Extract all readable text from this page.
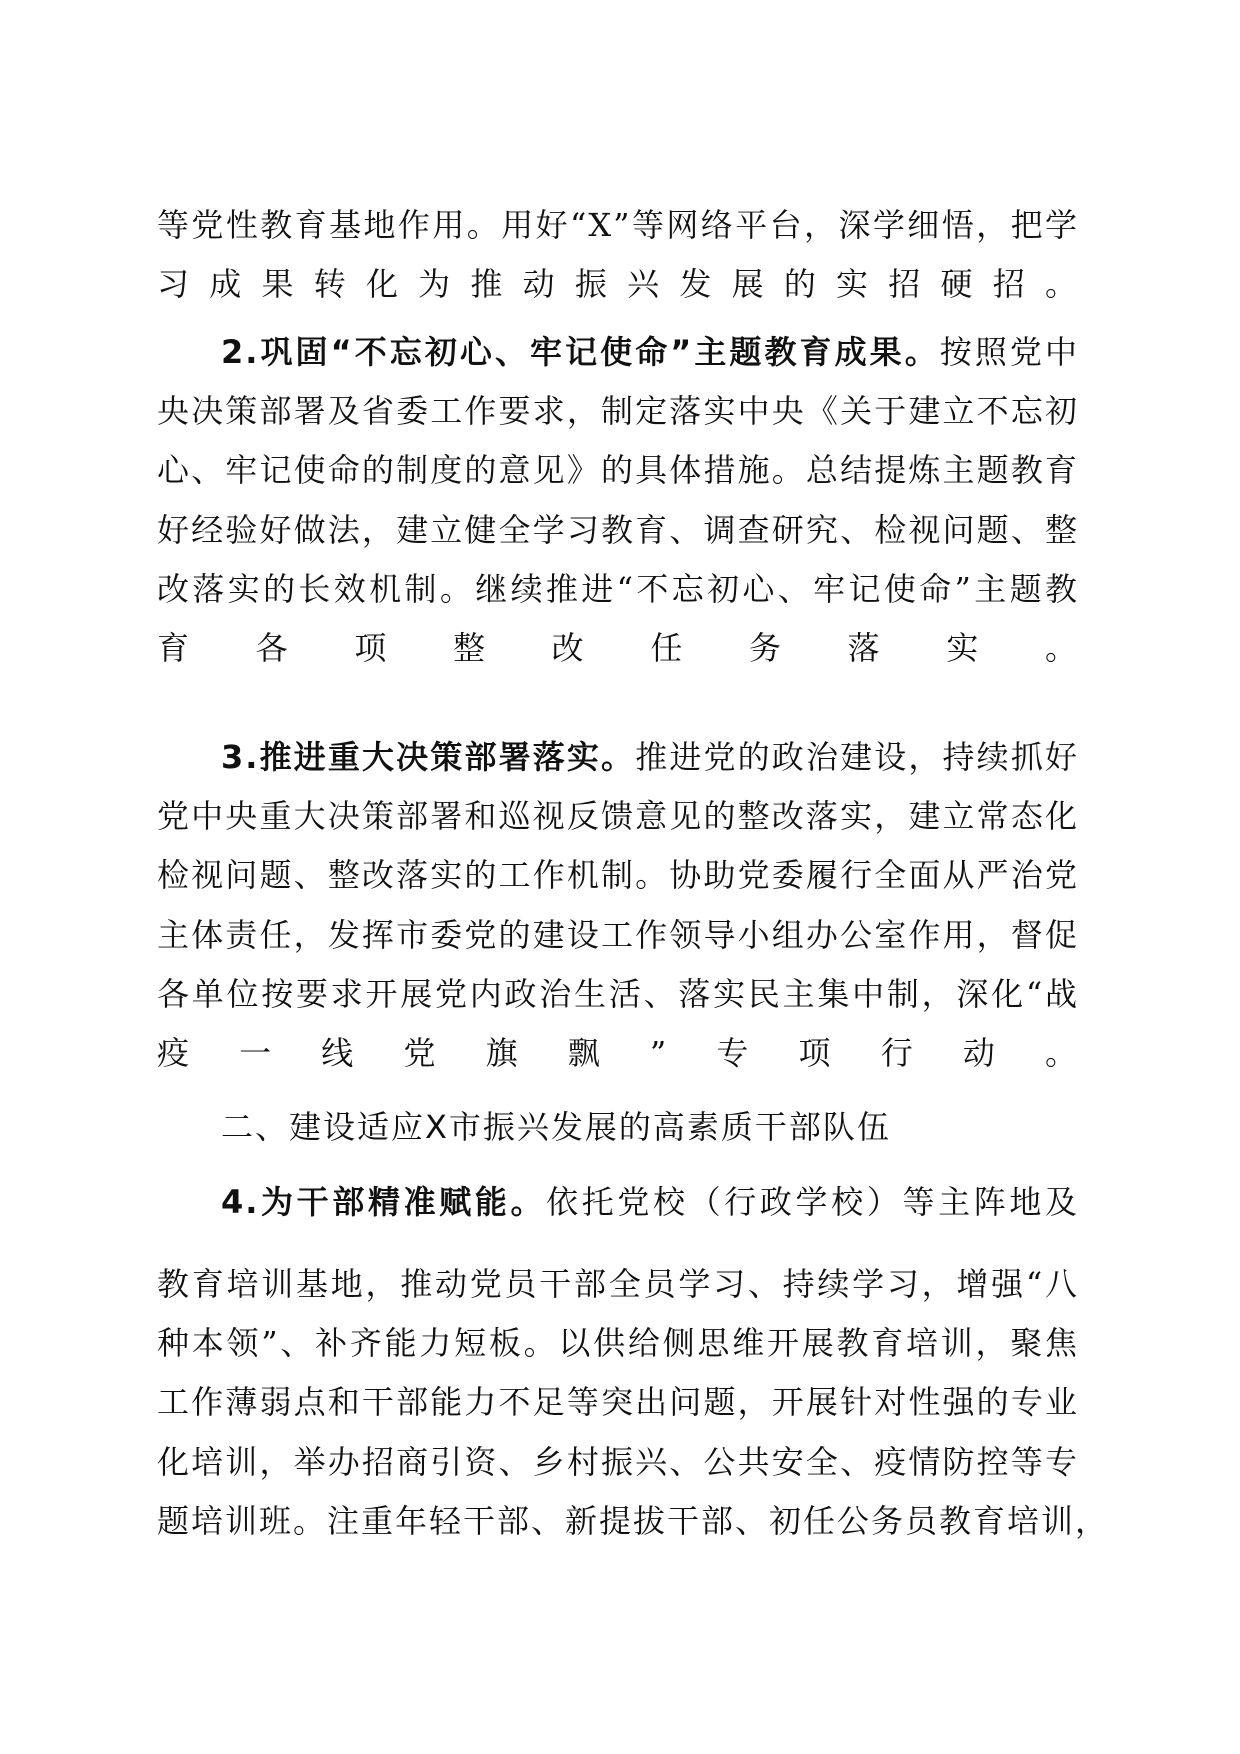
等党性教育基地作用。用好“X”等网络平台，深学细悟，把学
习成果转化为推动振兴发展的实招硬招。
2.巩固“不忘初心、牢记使命”主题教育成果。按照党中
央决策部署及省委工作要求，制定落实中央《关于建立不忘初
心、牢记使命的制度的意见》的具体措施。总结提炼主题教育
好经验好做法，建立健全学习教育、调查研究、检视问题、整
改落实的长效机制。继续推进“不忘初心、牢记使命”主题教
育各项整改任务落实。
3.推进重大决策部署落实。推进党的政治建设，持续抓好
党中央重大决策部署和巡视反馈意见的整改落实，建立常态化
检视问题、整改落实的工作机制。协助党委履行全面从严治党
主体责任，发挥市委党的建设工作领导小组办公室作用，督促
各单位按要求开展党内政治生活、落实民主集中制，深化“战
疫一线党旗飘”专项行动。
二、建设适应X市振兴发展的高素质干部队伍
4.为干部精准赋能。依托党校（行政学校）等主阵地及
教育培训基地，推动党员干部全员学习、持续学习，增强“八
种本领”、补齐能力短板。以供给侧思维开展教育培训，聚焦
工作薄弱点和干部能力不足等突出问题，开展针对性强的专业
化培训，举办招商引资、乡村振兴、公共安全、疫情防控等专
题培训班。注重年轻干部、新提拔干部、初任公务员教育培训，
